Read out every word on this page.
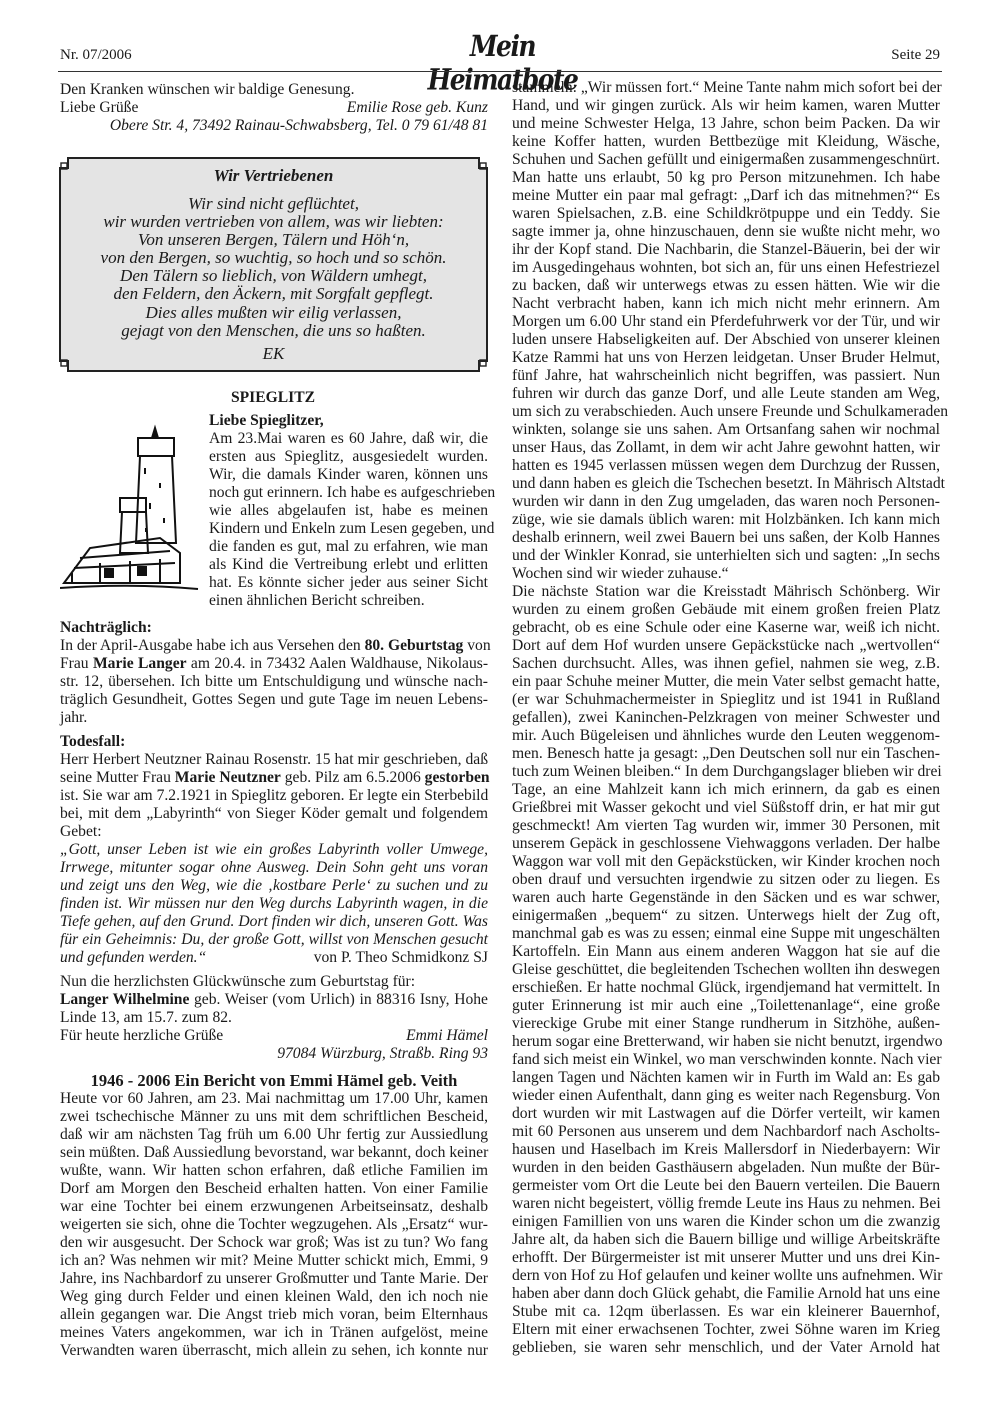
Nr. 07/2006	Mein Heimatbote
Seite 29
Den Kranken wünschen wir baldige Genesung.
Liebe Grüße	Emilie Rose geb. Kunz
Obere Str. 4, 73492 Rainau-Schwabsberg, Tel. 0 79 61/48 81
Wir Vertriebenen
Wir sind nicht geflüchtet,
wir wurden vertrieben von allem, was wir liebten:
Von unseren Bergen, Tälern und Höh‘n,
von den Bergen, so wuchtig, so hoch und so schön.
Den Tälern so lieblich, von Wäldern umhegt,
den Feldern, den Äckern, mit Sorgfalt gepflegt.
Dies alles mußten wir eilig verlassen,
gejagt von den Menschen, die uns so haßten.
EK
SPIEGLITZ
Liebe Spieglitzer,
Am 23.Mai waren es 60 Jahre, daß wir, die
ersten aus Spieglitz, ausgesiedelt wurden.
Wir, die damals Kinder waren, können uns
noch gut erinnern. Ich habe es aufgeschrieben
wie alles abgelaufen ist, habe es meinen
Kindern und Enkeln zum Lesen gegeben, und
die fanden es gut, mal zu erfahren, wie man
als Kind die Vertreibung erlebt und erlitten
hat. Es könnte sicher jeder aus seiner Sicht
einen ähnlichen Bericht schreiben.
Nachträglich:
In der April-Ausgabe habe ich aus Versehen den 80. Geburtstag von
Frau Marie Langer am 20.4. in 73432 Aalen Waldhause, Nikolaus-
str. 12, übersehen. Ich bitte um Entschuldigung und wünsche nach-
träglich Gesundheit, Gottes Segen und gute Tage im neuen Lebens-
jahr.
Todesfall:
Herr Herbert Neutzner Rainau Rosenstr. 15 hat mir geschrieben, daß
seine Mutter Frau Marie Neutzner geb. Pilz am 6.5.2006 gestorben
ist. Sie war am 7.2.1921 in Spieglitz geboren. Er legte ein Sterbebild
bei, mit dem „Labyrinth“ von Sieger Köder gemalt und folgendem
Gebet:
„Gott, unser Leben ist wie ein großes Labyrinth voller Umwege,
Irrwege, mitunter sogar ohne Ausweg. Dein Sohn geht uns voran
und zeigt uns den Weg, wie die ‚kostbare Perle‘ zu suchen und zu
finden ist. Wir müssen nur den Weg durchs Labyrinth wagen, in die
Tiefe gehen, auf den Grund. Dort finden wir dich, unseren Gott. Was
für ein Geheimnis: Du, der große Gott, willst von Menschen gesucht
und gefunden werden.“	von P. Theo Schmidkonz SJ
Nun die herzlichsten Glückwünsche zum Geburtstag für:
Langer Wilhelmine geb. Weiser (vom Urlich) in 88316 Isny, Hohe
Linde 13, am 15.7. zum 82.
Für heute herzliche Grüße	Emmi Hämel
97084 Würzburg, Straßb. Ring 93
1946 - 2006 Ein Bericht von Emmi Hämel geb. Veith
Heute vor 60 Jahren, am 23. Mai nachmittag um 17.00 Uhr, kamen
zwei tschechische Männer zu uns mit dem schriftlichen Bescheid,
daß wir am nächsten Tag früh um 6.00 Uhr fertig zur Aussiedlung
sein müßten. Daß Aussiedlung bevorstand, war bekannt, doch keiner
wußte, wann. Wir hatten schon erfahren, daß etliche Familien im
Dorf am Morgen den Bescheid erhalten hatten. Von einer Familie
war eine Tochter bei einem erzwungenen Arbeitseinsatz, deshalb
weigerten sie sich, ohne die Tochter wegzugehen. Als „Ersatz“ wur-
den wir ausgesucht. Der Schock war groß; Was ist zu tun? Wo fang
ich an? Was nehmen wir mit? Meine Mutter schickt mich, Emmi, 9
Jahre, ins Nachbardorf zu unserer Großmutter und Tante Marie. Der
Weg ging durch Felder und einen kleinen Wald, den ich noch nie
allein gegangen war. Die Angst trieb mich voran, beim Elternhaus
meines Vaters angekommen, war ich in Tränen aufgelöst, meine
Verwandten waren überrascht, mich allein zu sehen, ich konnte nur
stammeln: „Wir müssen fort.“ Meine Tante nahm mich sofort bei der
Hand, und wir gingen zurück. Als wir heim kamen, waren Mutter
und meine Schwester Helga, 13 Jahre, schon beim Packen. Da wir
keine Koffer hatten, wurden Bettbezüge mit Kleidung, Wäsche,
Schuhen und Sachen gefüllt und einigermaßen zusammengeschnürt.
Man hatte uns erlaubt, 50 kg pro Person mitzunehmen. Ich habe
meine Mutter ein paar mal gefragt: „Darf ich das mitnehmen?“ Es
waren Spielsachen, z.B. eine Schildkrötpuppe und ein Teddy. Sie
sagte immer ja, ohne hinzuschauen, denn sie wußte nicht mehr, wo
ihr der Kopf stand. Die Nachbarin, die Stanzel-Bäuerin, bei der wir
im Ausgedingehaus wohnten, bot sich an, für uns einen Hefestriezel
zu backen, daß wir unterwegs etwas zu essen hätten. Wie wir die
Nacht verbracht haben, kann ich mich nicht mehr erinnern. Am
Morgen um 6.00 Uhr stand ein Pferdefuhrwerk vor der Tür, und wir
luden unsere Habseligkeiten auf. Der Abschied von unserer kleinen
Katze Rammi hat uns von Herzen leidgetan. Unser Bruder Helmut,
fünf Jahre, hat wahrscheinlich nicht begriffen, was passiert. Nun
fuhren wir durch das ganze Dorf, und alle Leute standen am Weg,
um sich zu verabschieden. Auch unsere Freunde und Schulkameraden
winkten, solange sie uns sahen. Am Ortsanfang sahen wir nochmal
unser Haus, das Zollamt, in dem wir acht Jahre gewohnt hatten, wir
hatten es 1945 verlassen müssen wegen dem Durchzug der Russen,
und dann haben es gleich die Tschechen besetzt. In Mährisch Altstadt
wurden wir dann in den Zug umgeladen, das waren noch Personen-
züge, wie sie damals üblich waren: mit Holzbänken. Ich kann mich
deshalb erinnern, weil zwei Bauern bei uns saßen, der Kolb Hannes
und der Winkler Konrad, sie unterhielten sich und sagten: „In sechs
Wochen sind wir wieder zuhause.“
Die nächste Station war die Kreisstadt Mährisch Schönberg. Wir
wurden zu einem großen Gebäude mit einem großen freien Platz
gebracht, ob es eine Schule oder eine Kaserne war, weiß ich nicht.
Dort auf dem Hof wurden unsere Gepäckstücke nach „wertvollen“
Sachen durchsucht. Alles, was ihnen gefiel, nahmen sie weg, z.B.
ein paar Schuhe meiner Mutter, die mein Vater selbst gemacht hatte,
(er war Schuhmachermeister in Spieglitz und ist 1941 in Rußland
gefallen), zwei Kaninchen-Pelzkragen von meiner Schwester und
mir. Auch Bügeleisen und ähnliches wurde den Leuten weggenom-
men. Benesch hatte ja gesagt: „Den Deutschen soll nur ein Taschen-
tuch zum Weinen bleiben.“ In dem Durchgangslager blieben wir drei
Tage, an eine Mahlzeit kann ich mich erinnern, da gab es einen
Grießbrei mit Wasser gekocht und viel Süßstoff drin, er hat mir gut
geschmeckt! Am vierten Tag wurden wir, immer 30 Personen, mit
unserem Gepäck in geschlossene Viehwaggons verladen. Der halbe
Waggon war voll mit den Gepäckstücken, wir Kinder krochen noch
oben drauf und versuchten irgendwie zu sitzen oder zu liegen. Es
waren auch harte Gegenstände in den Säcken und es war schwer,
einigermaßen „bequem“ zu sitzen. Unterwegs hielt der Zug oft,
manchmal gab es was zu essen; einmal eine Suppe mit ungeschälten
Kartoffeln. Ein Mann aus einem anderen Waggon hat sie auf die
Gleise geschüttet, die begleitenden Tschechen wollten ihn deswegen
erschießen. Er hatte nochmal Glück, irgendjemand hat vermittelt. In
guter Erinnerung ist mir auch eine „Toilettenanlage“, eine große
viereckige Grube mit einer Stange rundherum in Sitzhöhe, außen-
herum sogar eine Bretterwand, wir haben sie nicht benutzt, irgendwo
fand sich meist ein Winkel, wo man verschwinden konnte. Nach vier
langen Tagen und Nächten kamen wir in Furth im Wald an: Es gab
wieder einen Aufenthalt, dann ging es weiter nach Regensburg. Von
dort wurden wir mit Lastwagen auf die Dörfer verteilt, wir kamen
mit 60 Personen aus unserem und dem Nachbardorf nach Ascholts-
hausen und Haselbach im Kreis Mallersdorf in Niederbayern: Wir
wurden in den beiden Gasthäusern abgeladen. Nun mußte der Bür-
germeister vom Ort die Leute bei den Bauern verteilen. Die Bauern
waren nicht begeistert, völlig fremde Leute ins Haus zu nehmen. Bei
einigen Famillien von uns waren die Kinder schon um die zwanzig
Jahre alt, da haben sich die Bauern billige und willige Arbeitskräfte
erhofft. Der Bürgermeister ist mit unserer Mutter und uns drei Kin-
dern von Hof zu Hof gelaufen und keiner wollte uns aufnehmen. Wir
haben aber dann doch Glück gehabt, die Familie Arnold hat uns eine
Stube mit ca. 12qm überlassen. Es war ein kleinerer Bauernhof,
Eltern mit einer erwachsenen Tochter, zwei Söhne waren im Krieg
geblieben, sie waren sehr menschlich, und der Vater Arnold hat
